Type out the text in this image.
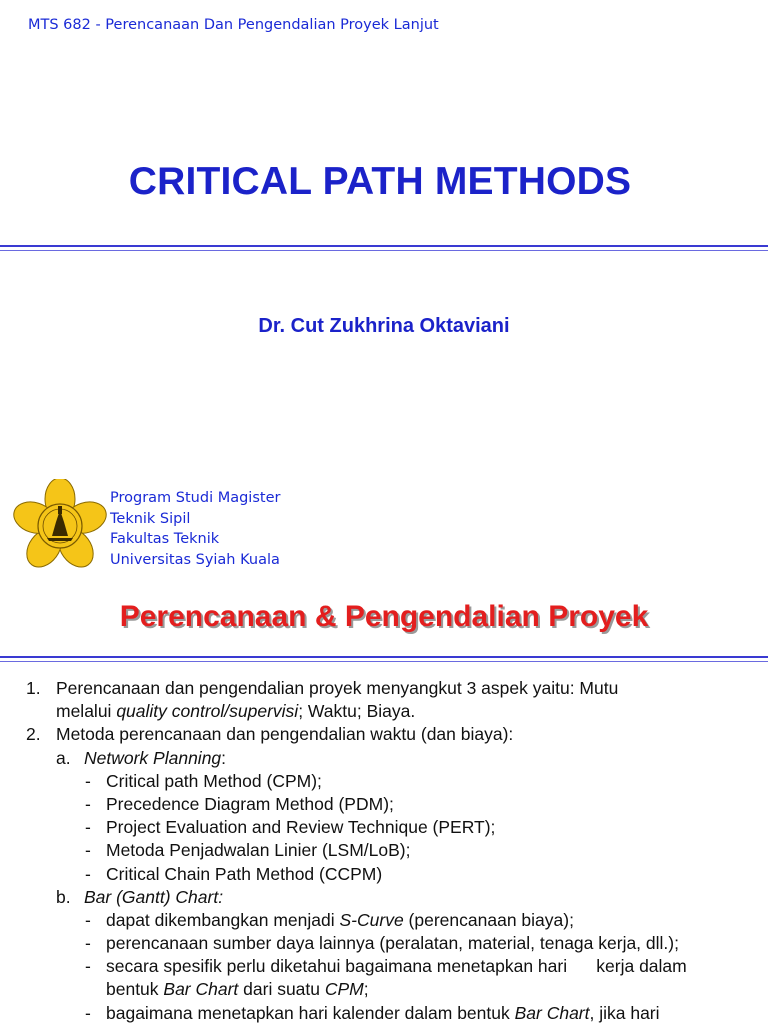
MTS 682 - Perencanaan Dan Pengendalian Proyek Lanjut
CRITICAL PATH METHODS
Dr. Cut Zukhrina Oktaviani
Program Studi Magister
Teknik Sipil
Fakultas Teknik
Universitas Syiah Kuala
Perencanaan & Pengendalian Proyek
1. Perencanaan dan pengendalian proyek menyangkut 3 aspek yaitu: Mutu
melalui quality control/supervisi; Waktu; Biaya.
2. Metoda perencanaan dan pengendalian waktu (dan biaya):
a. Network Planning:
- Critical path Method (CPM);
- Precedence Diagram Method (PDM);
- Project Evaluation and Review Technique (PERT);
- Metoda Penjadwalan Linier (LSM/LoB);
- Critical Chain Path Method (CCPM)
b. Bar (Gantt) Chart:
- dapat dikembangkan menjadi S-Curve (perencanaan biaya);
- perencanaan sumber daya lainnya (peralatan, material, tenaga kerja, dll.);
- secara spesifik perlu diketahui bagaimana menetapkan hari      kerja dalam
bentuk Bar Chart dari suatu CPM;
- bagaimana menetapkan hari kalender dalam bentuk Bar Chart, jika hari
